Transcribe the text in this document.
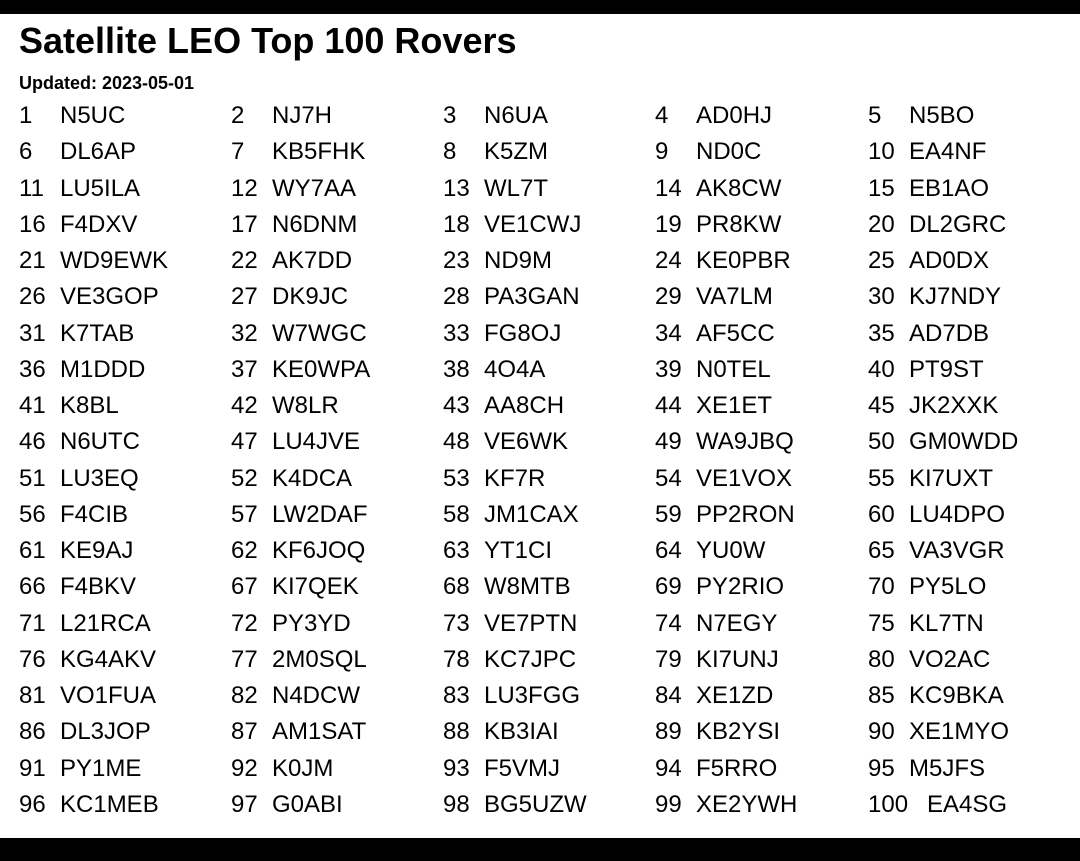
Satellite LEO Top 100 Rovers
Updated: 2023-05-01
1	N5UC	2	NJ7H	3	N6UA	4	AD0HJ	5	N5BO
6	DL6AP	7	KB5FHK	8	K5ZM	9	ND0C	10 EA4NF
11 LU5ILA	12 WY7AA	13 WL7T	14 AK8CW	15 EB1AO
16 F4DXV	17 N6DNM	18 VE1CWJ	19 PR8KW	20 DL2GRC
21 WD9EWK	22 AK7DD	23 ND9M	24 KE0PBR	25 AD0DX
26 VE3GOP	27 DK9JC	28 PA3GAN	29 VA7LM	30 KJ7NDY
31 K7TAB	32 W7WGC	33 FG8OJ	34 AF5CC	35 AD7DB
36 M1DDD	37 KE0WPA	38 4O4A	39 N0TEL	40 PT9ST
41 K8BL	42 W8LR	43 AA8CH	44 XE1ET	45 JK2XXK
46 N6UTC	47 LU4JVE	48 VE6WK	49 WA9JBQ	50 GM0WDD
51 LU3EQ	52 K4DCA	53 KF7R	54 VE1VOX	55 KI7UXT
56 F4CIB	57 LW2DAF	58 JM1CAX	59 PP2RON	60 LU4DPO
61 KE9AJ	62 KF6JOQ	63 YT1CI	64 YU0W	65 VA3VGR
66 F4BKV	67 KI7QEK	68 W8MTB	69 PY2RIO	70 PY5LO
71 L21RCA	72 PY3YD	73 VE7PTN	74 N7EGY	75 KL7TN
76 KG4AKV	77 2M0SQL	78 KC7JPC	79 KI7UNJ	80 VO2AC
81 VO1FUA	82 N4DCW	83 LU3FGG	84 XE1ZD	85 KC9BKA
86 DL3JOP	87 AM1SAT	88 KB3IAI	89 KB2YSI	90 XE1MYO
91 PY1ME	92 K0JM	93 F5VMJ	94 F5RRO	95 M5JFS
96 KC1MEB	97 G0ABI	98 BG5UZW	99 XE2YWH	100 EA4SG
